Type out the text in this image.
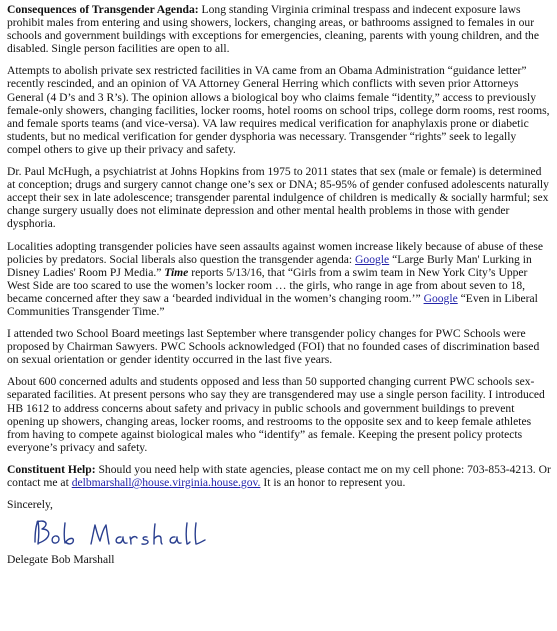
Consequences of Transgender Agenda: Long standing Virginia criminal trespass and indecent exposure laws prohibit males from entering and using showers, lockers, changing areas, or bathrooms assigned to females in our schools and government buildings with exceptions for emergencies, cleaning, parents with young children, and the disabled. Single person facilities are open to all.

Attempts to abolish private sex restricted facilities in VA came from an Obama Administration “guidance letter” recently rescinded, and an opinion of VA Attorney General Herring which conflicts with seven prior Attorneys General (4 D’s and 3 R’s). The opinion allows a biological boy who claims female “identity,” access to previously female-only showers, changing facilities, locker rooms, hotel rooms on school trips, college dorm rooms, rest rooms, and female sports teams (and vice-versa). VA law requires medical verification for anaphylaxis prone or diabetic students, but no medical verification for gender dysphoria was necessary. Transgender “rights” seek to legally compel others to give up their privacy and safety.

Dr. Paul McHugh, a psychiatrist at Johns Hopkins from 1975 to 2011 states that sex (male or female) is determined at conception; drugs and surgery cannot change one’s sex or DNA; 85-95% of gender confused adolescents naturally accept their sex in late adolescence; transgender parental indulgence of children is medically & socially harmful; sex change surgery usually does not eliminate depression and other mental health problems in those with gender dysphoria.

Localities adopting transgender policies have seen assaults against women increase likely because of abuse of these policies by predators. Social liberals also question the transgender agenda: Google “Large Burly Man' Lurking in Disney Ladies' Room PJ Media.” Time reports 5/13/16, that “Girls from a swim team in New York City’s Upper West Side are too scared to use the women’s locker room … the girls, who range in age from about seven to 18, became concerned after they saw a ‘bearded individual in the women’s changing room.’” Google “Even in Liberal Communities Transgender Time.”

I attended two School Board meetings last September where transgender policy changes for PWC Schools were proposed by Chairman Sawyers. PWC Schools acknowledged (FOI) that no founded cases of discrimination based on sexual orientation or gender identity occurred in the last five years.

About 600 concerned adults and students opposed and less than 50 supported changing current PWC schools sex-separated facilities. At present persons who say they are transgendered may use a single person facility. I introduced HB 1612 to address concerns about safety and privacy in public schools and government buildings to prevent opening up showers, changing areas, locker rooms, and restrooms to the opposite sex and to keep female athletes from having to compete against biological males who “identify” as female. Keeping the present policy protects everyone’s privacy and safety.

Constituent Help: Should you need help with state agencies, please contact me on my cell phone: 703-853-4213. Or contact me at delbmarshall@house.virginia.house.gov. It is an honor to represent you.

Sincerely,

Delegate Bob Marshall
